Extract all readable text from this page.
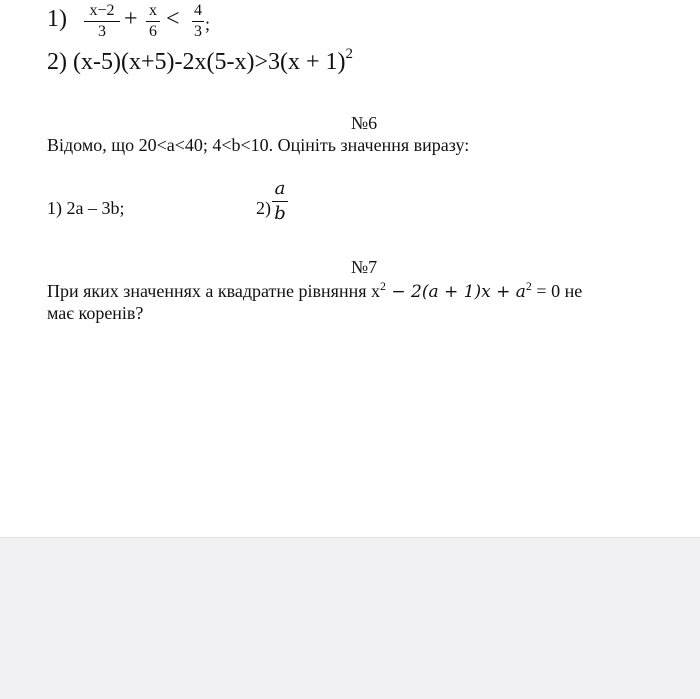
1)	x−2
3 + x
6 < 4
3 ;
2) $(x-5)(x+5)-2x(5-x)>3(x + 1)^2$
№6
Відомо, що 20<a<40; 4<b<10. Оцініть значення виразу:
1) 2a – 3b;	2)
a
b
№7
При яких значеннях a квадратне рівняння $x^2 - 2(a + 1)x + a^2 = 0$ не
має коренів?
